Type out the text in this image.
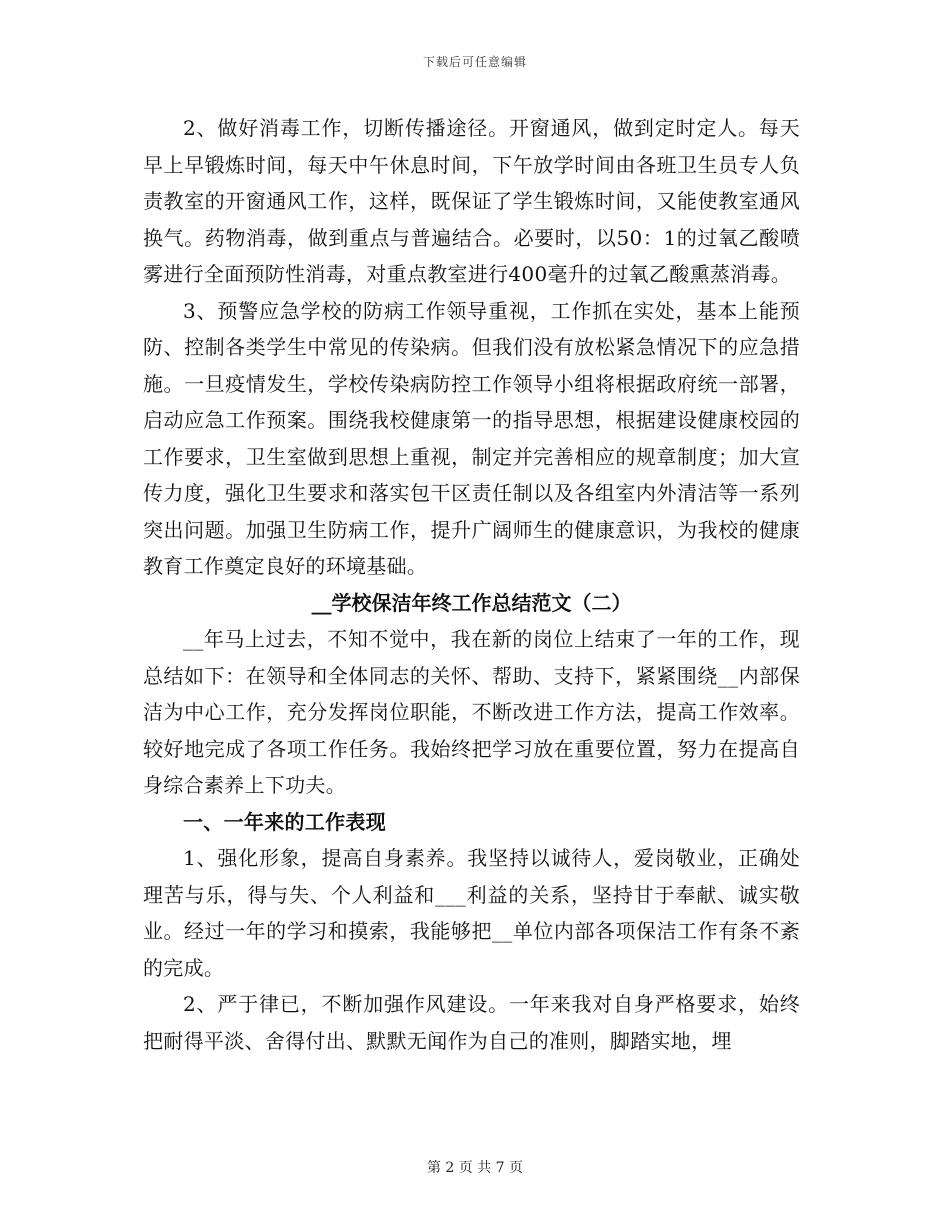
下载后可任意编辑

2、做好消毒工作，切断传播途径。开窗通风，做到定时定人。每天早上早锻炼时间，每天中午休息时间，下午放学时间由各班卫生员专人负责教室的开窗通风工作，这样，既保证了学生锻炼时间，又能使教室通风换气。药物消毒，做到重点与普遍结合。必要时，以50：1的过氧乙酸喷雾进行全面预防性消毒，对重点教室进行400毫升的过氧乙酸熏蒸消毒。

3、预警应急学校的防病工作领导重视，工作抓在实处，基本上能预防、控制各类学生中常见的传染病。但我们没有放松紧急情况下的应急措施。一旦疫情发生，学校传染病防控工作领导小组将根据政府统一部署，启动应急工作预案。围绕我校健康第一的指导思想，根据建设健康校园的工作要求，卫生室做到思想上重视，制定并完善相应的规章制度；加大宣传力度，强化卫生要求和落实包干区责任制以及各组室内外清洁等一系列突出问题。加强卫生防病工作，提升广阔师生的健康意识，为我校的健康教育工作奠定良好的环境基础。

__学校保洁年终工作总结范文（二）

__年马上过去，不知不觉中，我在新的岗位上结束了一年的工作，现总结如下：在领导和全体同志的关怀、帮助、支持下，紧紧围绕__内部保洁为中心工作，充分发挥岗位职能，不断改进工作方法，提高工作效率。较好地完成了各项工作任务。我始终把学习放在重要位置，努力在提高自身综合素养上下功夫。

一、一年来的工作表现

1、强化形象，提高自身素养。我坚持以诚待人，爱岗敬业，正确处理苦与乐，得与失、个人利益和___利益的关系，坚持甘于奉献、诚实敬业。经过一年的学习和摸索，我能够把__单位内部各项保洁工作有条不紊的完成。

2、严于律已，不断加强作风建设。一年来我对自身严格要求，始终把耐得平淡、舍得付出、默默无闻作为自己的准则，脚踏实地，埋

第 2 页 共 7 页
